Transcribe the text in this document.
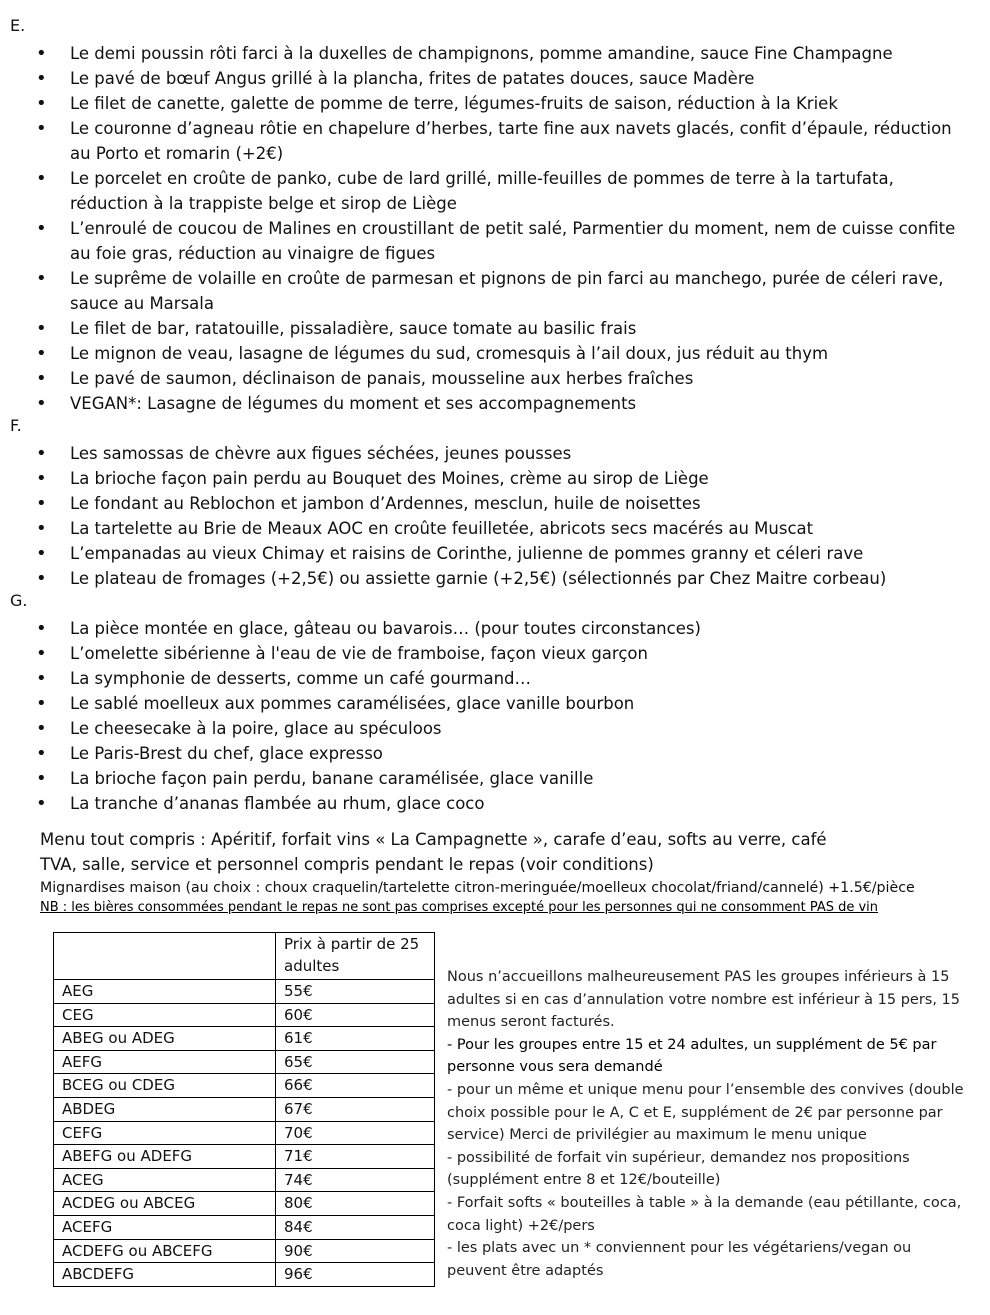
E.
• Le demi poussin rôti farci à la duxelles de champignons, pomme amandine, sauce Fine Champagne
• Le pavé de bœuf Angus grillé à la plancha, frites de patates douces, sauce Madère
• Le filet de canette, galette de pomme de terre, légumes-fruits de saison, réduction à la Kriek
• Le couronne d’agneau rôtie en chapelure d’herbes, tarte fine aux navets glacés, confit d’épaule, réduction au Porto et romarin (+2€)
• Le porcelet en croûte de panko, cube de lard grillé, mille-feuilles de pommes de terre à la tartufata, réduction à la trappiste belge et sirop de Liège
• L’enroulé de coucou de Malines en croustillant de petit salé, Parmentier du moment, nem de cuisse confite au foie gras, réduction au vinaigre de figues
• Le suprême de volaille en croûte de parmesan et pignons de pin farci au manchego, purée de céleri rave, sauce au Marsala
• Le filet de bar, ratatouille, pissaladière, sauce tomate au basilic frais
• Le mignon de veau, lasagne de légumes du sud, cromesquis à l’ail doux, jus réduit au thym
• Le pavé de saumon, déclinaison de panais, mousseline aux herbes fraîches
• VEGAN*: Lasagne de légumes du moment et ses accompagnements
F.
• Les samossas de chèvre aux figues séchées, jeunes pousses
• La brioche façon pain perdu au Bouquet des Moines, crème au sirop de Liège
• Le fondant au Reblochon et jambon d’Ardennes, mesclun, huile de noisettes
• La tartelette au Brie de Meaux AOC en croûte feuilletée, abricots secs macérés au Muscat
• L’empanadas au vieux Chimay et raisins de Corinthe, julienne de pommes granny et céleri rave
• Le plateau de fromages (+2,5€) ou assiette garnie (+2,5€) (sélectionnés par Chez Maitre corbeau)
G.
• La pièce montée en glace, gâteau ou bavarois… (pour toutes circonstances)
• L’omelette sibérienne à l'eau de vie de framboise, façon vieux garçon
• La symphonie de desserts, comme un café gourmand…
• Le sablé moelleux aux pommes caramélisées, glace vanille bourbon
• Le cheesecake à la poire, glace au spéculoos
• Le Paris-Brest du chef, glace expresso
• La brioche façon pain perdu, banane caramélisée, glace vanille
• La tranche d’ananas flambée au rhum, glace coco
Menu tout compris : Apéritif, forfait vins « La Campagnette », carafe d’eau, softs au verre, café
TVA, salle, service et personnel compris pendant le repas (voir conditions)
Mignardises maison (au choix : choux craquelin/tartelette citron-meringuée/moelleux chocolat/friand/cannelé) +1.5€/pièce
NB : les bières consommées pendant le repas ne sont pas comprises excepté pour les personnes qui ne consomment PAS de vin
	Prix à partir de 25 adultes
AEG	55€
CEG	60€
ABEG ou ADEG	61€
AEFG	65€
BCEG ou CDEG	66€
ABDEG	67€
CEFG	70€
ABEFG ou ADEFG	71€
ACEG	74€
ACDEG ou ABCEG	80€
ACEFG	84€
ACDEFG ou ABCEFG	90€
ABCDEFG	96€
Nous n’accueillons malheureusement PAS les groupes inférieurs à 15 adultes si en cas d’annulation votre nombre est inférieur à 15 pers, 15 menus seront facturés.
- Pour les groupes entre 15 et 24 adultes, un supplément de 5€ par personne vous sera demandé
- pour un même et unique menu pour l’ensemble des convives (double choix possible pour le A, C et E, supplément de 2€ par personne par service) Merci de privilégier au maximum le menu unique
- possibilité de forfait vin supérieur, demandez nos propositions (supplément entre 8 et 12€/bouteille)
- Forfait softs « bouteilles à table » à la demande (eau pétillante, coca, coca light) +2€/pers
- les plats avec un * conviennent pour les végétariens/vegan ou peuvent être adaptés
